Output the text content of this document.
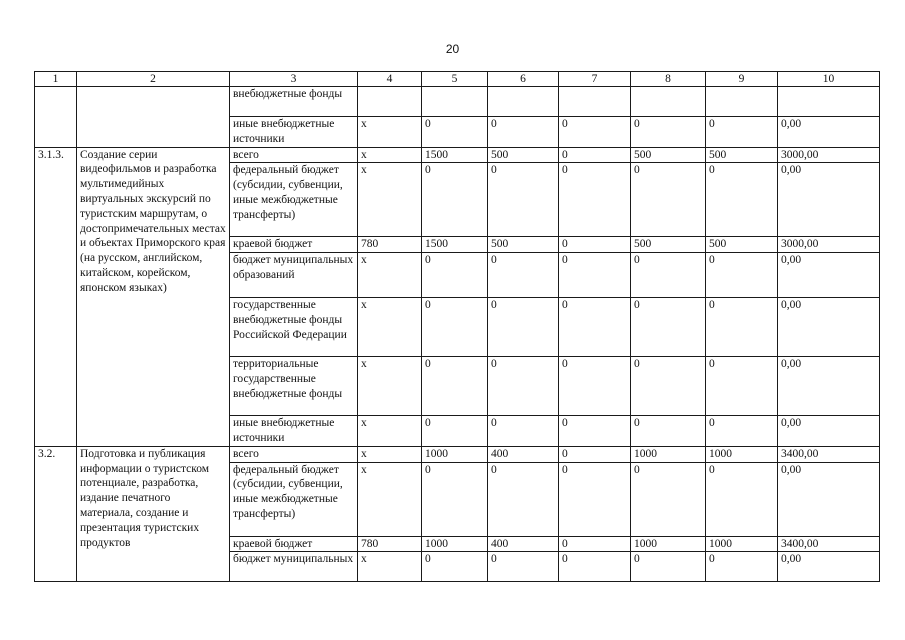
20
1	2	3	4	5	6	7	8	9	10
		внебюджетные фонды							
		иные внебюджетные источники	х	0	0	0	0	0	0,00
3.1.3.	Создание серии видеофильмов и разработка мультимедийных виртуальных экскурсий по туристским маршрутам, о достопримечательных местах и объектах Приморского края (на русском, английском, китайском, корейском, японском языках)	всего	х	1500	500	0	500	500	3000,00
		федеральный бюджет (субсидии, субвенции, иные межбюджетные трансферты)	х	0	0	0	0	0	0,00
		краевой бюджет	780	1500	500	0	500	500	3000,00
		бюджет муниципальных образований	х	0	0	0	0	0	0,00
		государственные внебюджетные фонды Российской Федерации	х	0	0	0	0	0	0,00
		территориальные государственные внебюджетные фонды	х	0	0	0	0	0	0,00
		иные внебюджетные источники	х	0	0	0	0	0	0,00
3.2.	Подготовка и публикация информации о туристском потенциале, разработка, издание печатного материала, создание и презентация туристских продуктов	всего	х	1000	400	0	1000	1000	3400,00
		федеральный бюджет (субсидии, субвенции, иные межбюджетные трансферты)	х	0	0	0	0	0	0,00
		краевой бюджет	780	1000	400	0	1000	1000	3400,00
		бюджет муниципальных	х	0	0	0	0	0	0,00
